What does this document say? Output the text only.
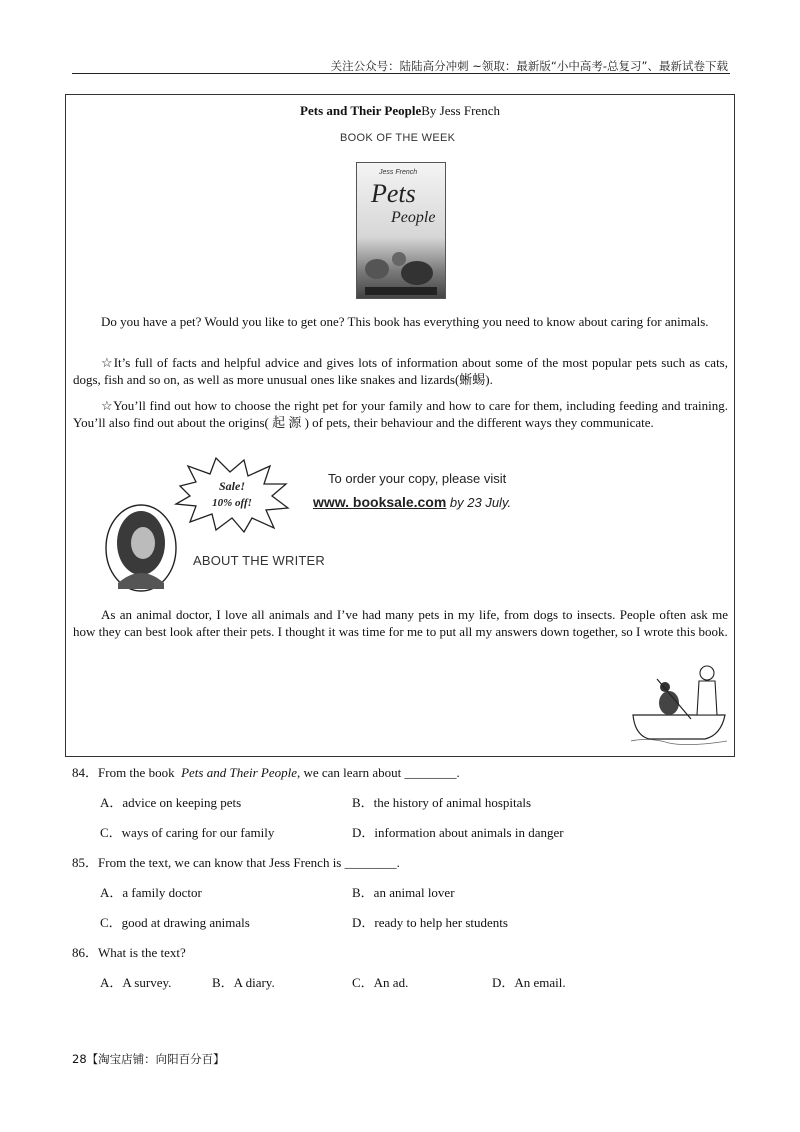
关注公众号：陆陆高分冲刺 ~领取：最新版“小中高考-总复习”、最新试卷下载
Pets and Their PeopleBy Jess French
BOOK OF THE WEEK
Jess French
Pets
People

Do you have a pet? Would you like to get one? This book has everything you need to know about caring for animals.

☆It’s full of facts and helpful advice and gives lots of information about some of the most popular pets such as cats, dogs, fish and so on, as well as more unusual ones like snakes and lizards(蜥蜴).

☆You’ll find out how to choose the right pet for your family and how to care for them, including feeding and training. You’ll also find out about the origins( 起 源 ) of pets, their behaviour and the different ways they communicate.

Sale!
10% off!
To order your copy, please visit
www. booksale.com by 23 July.
ABOUT THE WRITER

As an animal doctor, I love all animals and I’ve had many pets in my life, from dogs to insects. People often ask me how they can best look after their pets. I thought it was time for me to put all my answers down together, so I wrote this book.

84．From the book  Pets and Their People, we can learn about ________.
A．advice on keeping pets	B．the history of animal hospitals
C．ways of caring for our family	D．information about animals in danger
85．From the text, we can know that Jess French is ________.
A．a family doctor	B．an animal lover
C．good at drawing animals	D．ready to help her students
86．What is the text?
A．A survey.	B．A diary.	C．An ad.	D．An email.
28【淘宝店铺：向阳百分百】
